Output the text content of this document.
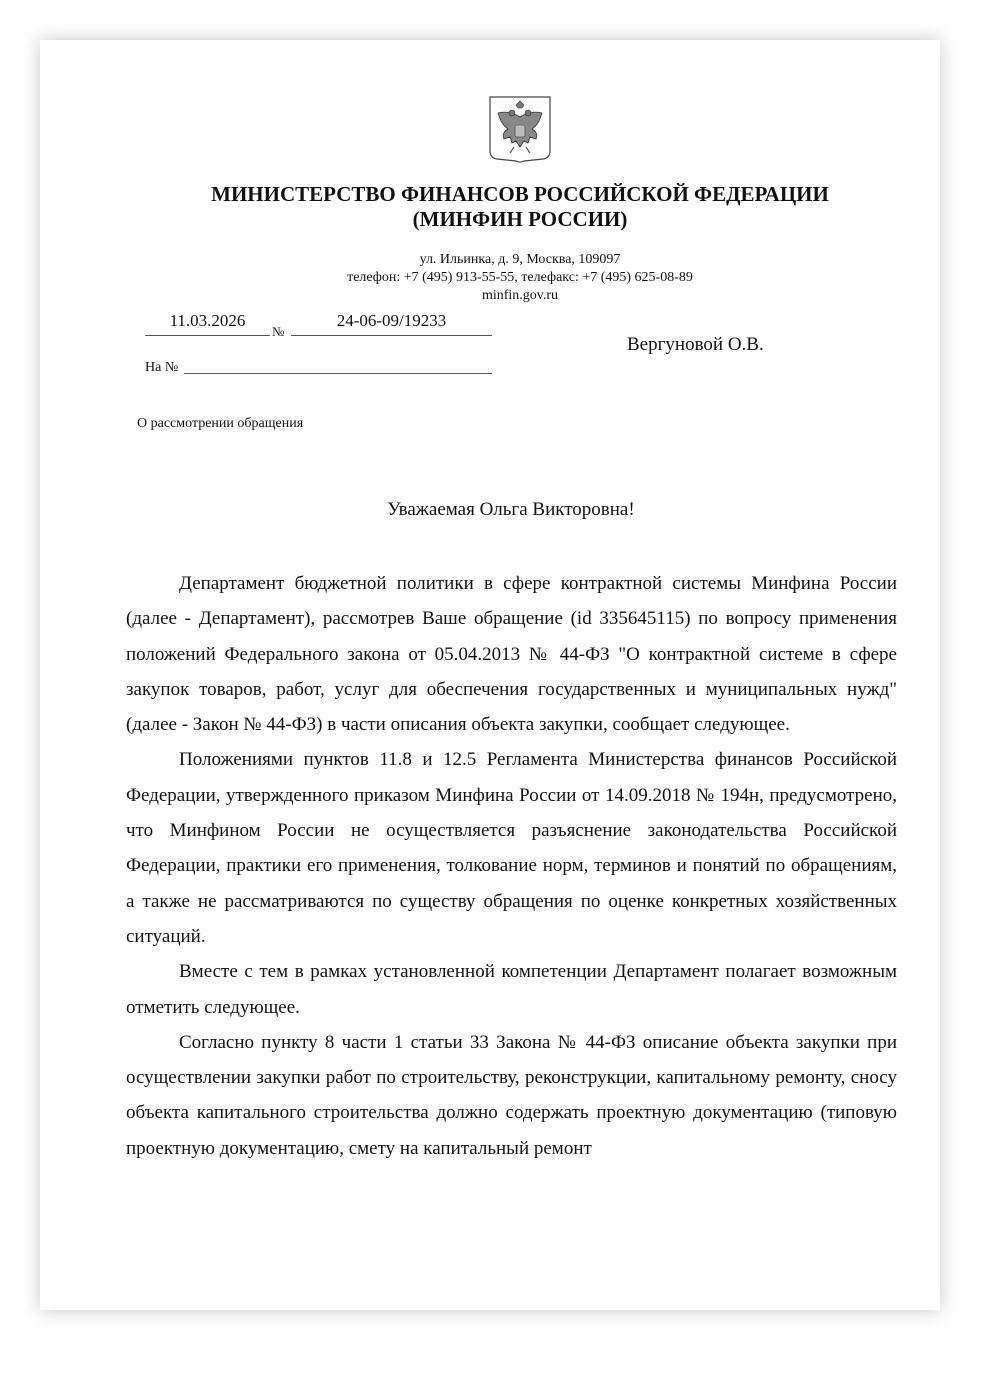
МИНИСТЕРСТВО ФИНАНСОВ РОССИЙСКОЙ ФЕДЕРАЦИИ
(МИНФИН РОССИИ)
ул. Ильинка, д. 9, Москва, 109097
телефон: +7 (495) 913-55-55, телефакс: +7 (495) 625-08-89
minfin.gov.ru
11.03.2026
№
24-06-09/19233
На №
Вергуновой О.В.
О рассмотрении обращения
Уважаемая Ольга Викторовна!

Департамент бюджетной политики в сфере контрактной системы Минфина России (далее - Департамент), рассмотрев Ваше обращение (id 335645115) по вопросу применения положений Федерального закона от 05.04.2013 № 44-ФЗ "О контрактной системе в сфере закупок товаров, работ, услуг для обеспечения государственных и муниципальных нужд" (далее - Закон № 44-ФЗ) в части описания объекта закупки, сообщает следующее.

Положениями пунктов 11.8 и 12.5 Регламента Министерства финансов Российской Федерации, утвержденного приказом Минфина России от 14.09.2018 № 194н, предусмотрено, что Минфином России не осуществляется разъяснение законодательства Российской Федерации, практики его применения, толкование норм, терминов и понятий по обращениям, а также не рассматриваются по существу обращения по оценке конкретных хозяйственных ситуаций.

Вместе с тем в рамках установленной компетенции Департамент полагает возможным отметить следующее.

Согласно пункту 8 части 1 статьи 33 Закона № 44-ФЗ описание объекта закупки при осуществлении закупки работ по строительству, реконструкции, капитальному ремонту, сносу объекта капитального строительства должно содержать проектную документацию (типовую проектную документацию, смету на капитальный ремонт
